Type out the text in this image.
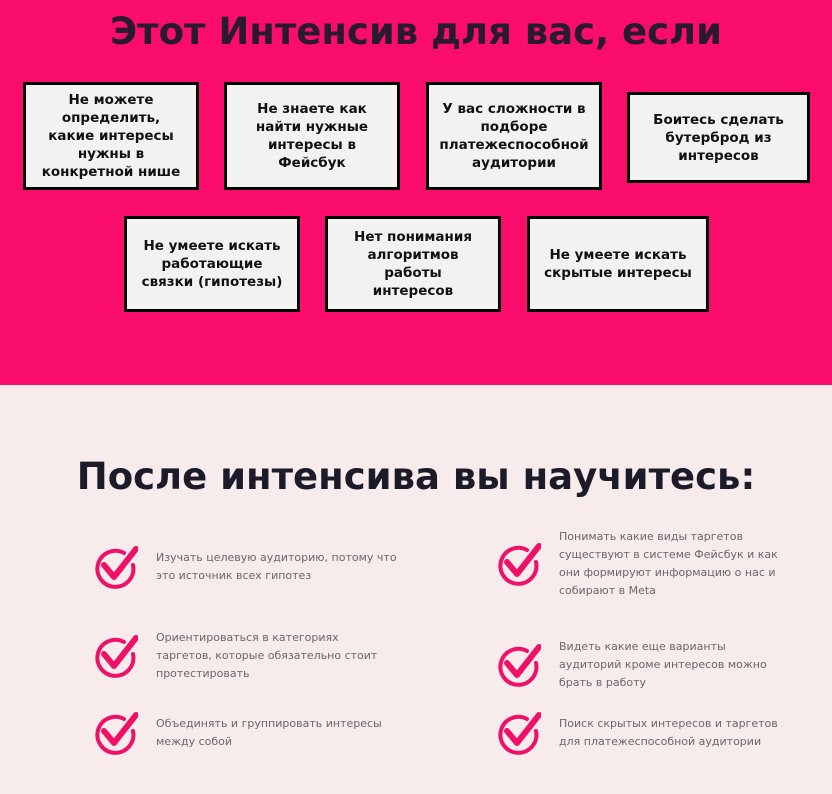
Этот Интенсив для вас, если
Не можете определить, какие интересы нужны в конкретной нише
Не знаете как найти нужные интересы в Фейсбук
У вас сложности в подборе платежеспособной аудитории
Боитесь сделать бутерброд из интересов
Не умеете искать работающие связки (гипотезы)
Нет понимания алгоритмов работы интересов
Не умеете искать скрытые интересы
После интенсива вы научитесь:
Изучать целевую аудиторию, потому что это источник всех гипотез
Понимать какие виды таргетов существуют в системе Фейсбук и как они формируют информацию о нас и собирают в Meta
Ориентироваться в категориях таргетов, которые обязательно стоит протестировать
Видеть какие еще варианты аудиторий кроме интересов можно брать в работу
Объединять и группировать интересы между собой
Поиск скрытых интересов и таргетов для платежеспособной аудитории
